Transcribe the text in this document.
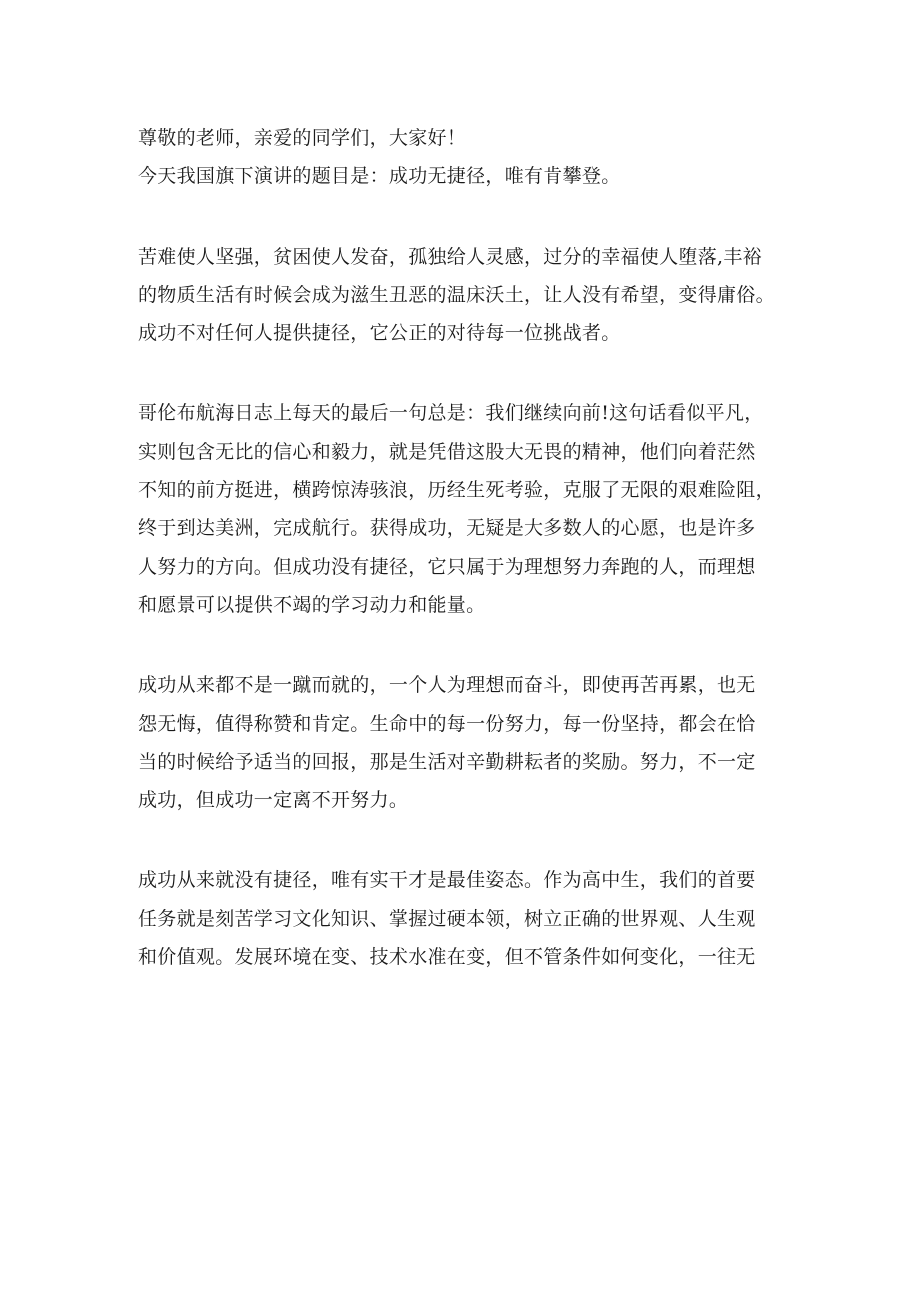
尊敬的老师，亲爱的同学们，大家好！
今天我国旗下演讲的题目是：成功无捷径，唯有肯攀登。
苦难使人坚强，贫困使人发奋，孤独给人灵感，过分的幸福使人堕落,丰裕
的物质生活有时候会成为滋生丑恶的温床沃土，让人没有希望，变得庸俗。
成功不对任何人提供捷径，它公正的对待每一位挑战者。
哥伦布航海日志上每天的最后一句总是：我们继续向前!这句话看似平凡，
实则包含无比的信心和毅力，就是凭借这股大无畏的精神，他们向着茫然
不知的前方挺进，横跨惊涛骇浪，历经生死考验，克服了无限的艰难险阻，
终于到达美洲，完成航行。获得成功，无疑是大多数人的心愿，也是许多
人努力的方向。但成功没有捷径，它只属于为理想努力奔跑的人，而理想
和愿景可以提供不竭的学习动力和能量。
成功从来都不是一蹴而就的，一个人为理想而奋斗，即使再苦再累，也无
怨无悔，值得称赞和肯定。生命中的每一份努力，每一份坚持，都会在恰
当的时候给予适当的回报，那是生活对辛勤耕耘者的奖励。努力，不一定
成功，但成功一定离不开努力。
成功从来就没有捷径，唯有实干才是最佳姿态。作为高中生，我们的首要
任务就是刻苦学习文化知识、掌握过硬本领，树立正确的世界观、人生观
和价值观。发展环境在变、技术水准在变，但不管条件如何变化，一往无
